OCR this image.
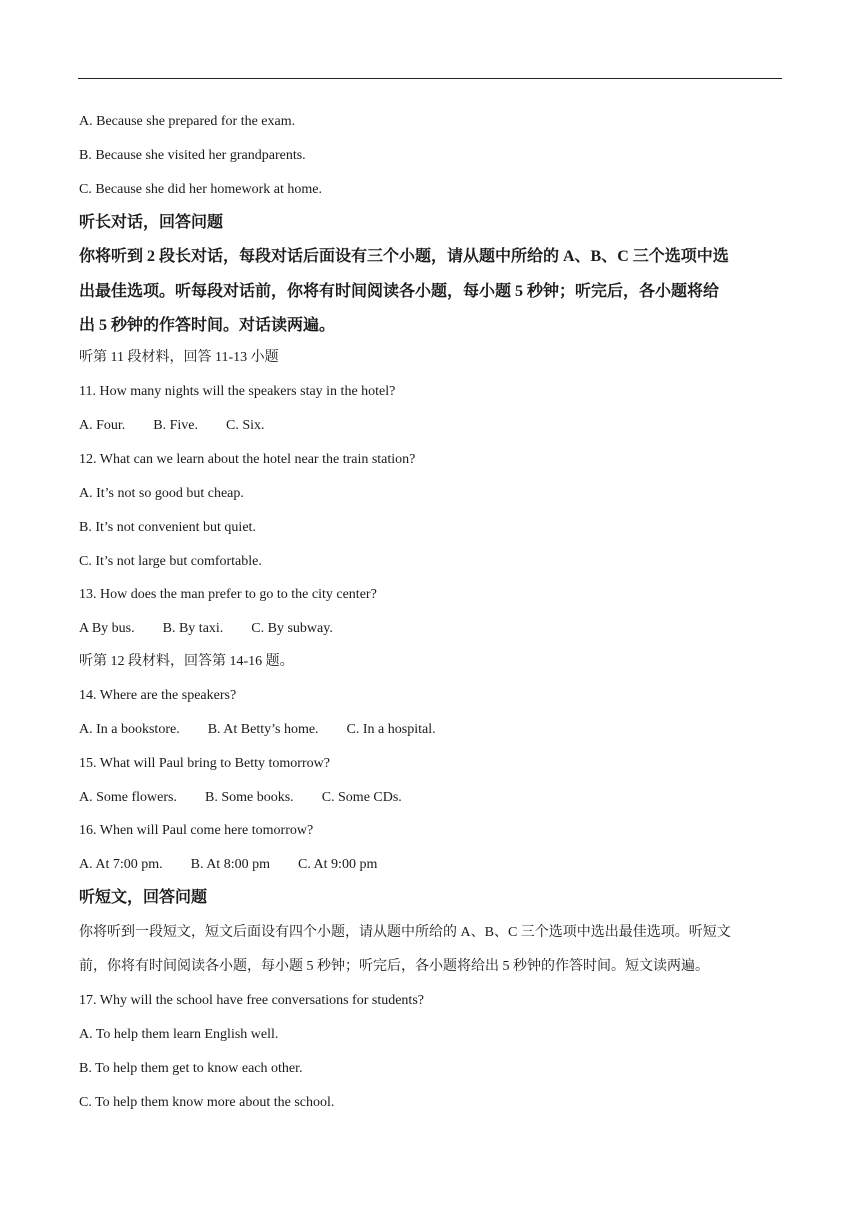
A. Because she prepared for the exam.
B. Because she visited her grandparents.
C. Because she did her homework at home.
听长对话，回答问题
你将听到 2 段长对话，每段对话后面设有三个小题，请从题中所给的 A、B、C 三个选项中选
出最佳选项。听每段对话前，你将有时间阅读各小题，每小题 5 秒钟；听完后，各小题将给
出 5 秒钟的作答时间。对话读两遍。
听第 11 段材料，回答 11-13 小题
11. How many nights will the speakers stay in the hotel?
A. Four. B. Five. C. Six.
12. What can we learn about the hotel near the train station?
A. It’s not so good but cheap.
B. It’s not convenient but quiet.
C. It’s not large but comfortable.
13. How does the man prefer to go to the city center?
A By bus. B. By taxi. C. By subway.
听第 12 段材料，回答第 14-16 题。
14. Where are the speakers?
A. In a bookstore. B. At Betty’s home. C. In a hospital.
15. What will Paul bring to Betty tomorrow?
A. Some flowers. B. Some books. C. Some CDs.
16. When will Paul come here tomorrow?
A. At 7:00 pm. B. At 8:00 pm C. At 9:00 pm
听短文，回答问题
你将听到一段短文，短文后面设有四个小题，请从题中所给的 A、B、C 三个选项中选出最佳选项。听短文
前，你将有时间阅读各小题，每小题 5 秒钟；听完后，各小题将给出 5 秒钟的作答时间。短文读两遍。
17. Why will the school have free conversations for students?
A. To help them learn English well.
B. To help them get to know each other.
C. To help them know more about the school.
